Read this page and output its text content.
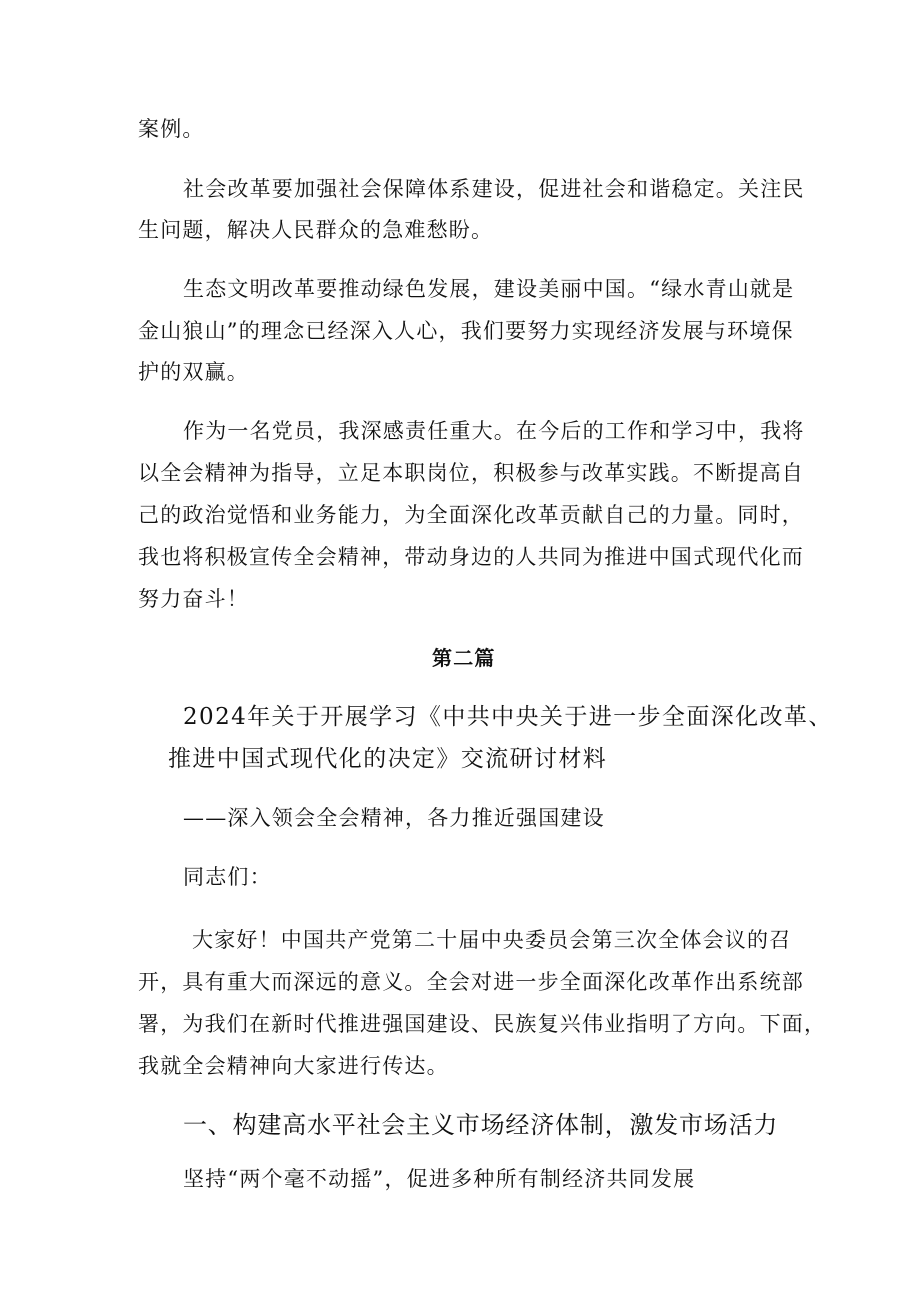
案例。

社会改革要加强社会保障体系建设，促进社会和谐稳定。关注民

生问题，解决人民群众的急难愁盼。

生态文明改革要推动绿色发展，建设美丽中国。“绿水青山就是

金山狼山”的理念已经深入人心，我们要努力实现经济发展与环境保

护的双赢。

作为一名党员，我深感责任重大。在今后的工作和学习中，我将

以全会精神为指导，立足本职岗位，积极参与改革实践。不断提高自

己的政治觉悟和业务能力，为全面深化改革贡献自己的力量。同时，

我也将积极宣传全会精神，带动身边的人共同为推进中国式现代化而

努力奋斗！

第二篇

2024年关于开展学习《中共中央关于进一步全面深化改革、

推进中国式现代化的决定》交流研讨材料

——深入领会全会精神，各力推近强国建设

同志们：

大家好！中国共产党第二十届中央委员会第三次全体会议的召

开，具有重大而深远的意义。全会对进一步全面深化改革作出系统部

署，为我们在新时代推进强国建设、民族复兴伟业指明了方向。下面，

我就全会精神向大家进行传达。

一、构建高水平社会主义市场经济体制，激发市场活力

坚持“两个毫不动摇”，促进多种所有制经济共同发展
